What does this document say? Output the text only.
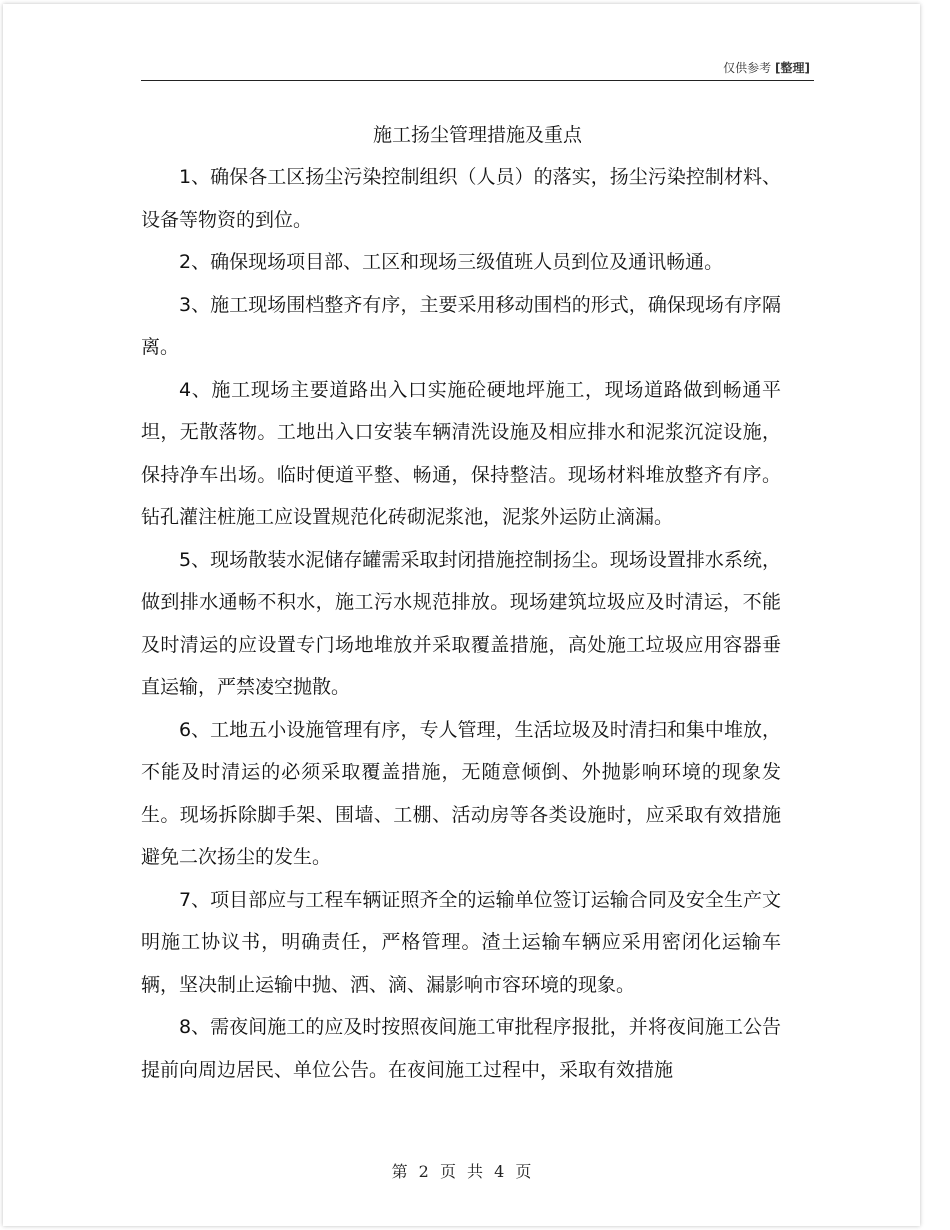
仅供参考 [整理]
施工扬尘管理措施及重点

1、确保各工区扬尘污染控制组织（人员）的落实，扬尘污染控制材料、设备等物资的到位。

2、确保现场项目部、工区和现场三级值班人员到位及通讯畅通。

3、施工现场围档整齐有序，主要采用移动围档的形式，确保现场有序隔离。

4、施工现场主要道路出入口实施砼硬地坪施工，现场道路做到畅通平坦，无散落物。工地出入口安装车辆清洗设施及相应排水和泥浆沉淀设施，保持净车出场。临时便道平整、畅通，保持整洁。现场材料堆放整齐有序。钻孔灌注桩施工应设置规范化砖砌泥浆池，泥浆外运防止滴漏。

5、现场散装水泥储存罐需采取封闭措施控制扬尘。现场设置排水系统，做到排水通畅不积水，施工污水规范排放。现场建筑垃圾应及时清运，不能及时清运的应设置专门场地堆放并采取覆盖措施，高处施工垃圾应用容器垂直运输，严禁凌空抛散。

6、工地五小设施管理有序，专人管理，生活垃圾及时清扫和集中堆放，不能及时清运的必须采取覆盖措施，无随意倾倒、外抛影响环境的现象发生。现场拆除脚手架、围墙、工棚、活动房等各类设施时，应采取有效措施避免二次扬尘的发生。

7、项目部应与工程车辆证照齐全的运输单位签订运输合同及安全生产文明施工协议书，明确责任，严格管理。渣土运输车辆应采用密闭化运输车辆，坚决制止运输中抛、洒、滴、漏影响市容环境的现象。

8、需夜间施工的应及时按照夜间施工审批程序报批，并将夜间施工公告提前向周边居民、单位公告。在夜间施工过程中，采取有效措施

第 2 页 共 4 页
